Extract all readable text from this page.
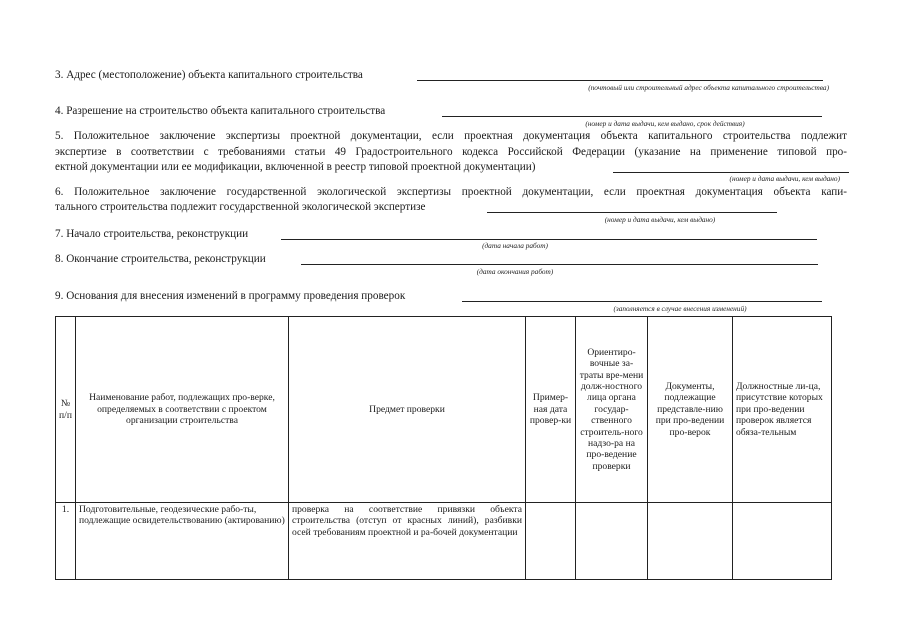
3. Адрес (местоположение) объекта капитального строительства
(почтовый или строительный адрес объекта капитального строительства)
4. Разрешение на строительство объекта капитального строительства
(номер и дата выдачи, кем выдано, срок действия)
5. Положительное заключение экспертизы проектной документации, если проектная документация объекта капитального строительства подлежит
экспертизе в соответствии с требованиями статьи 49 Градостроительного кодекса Российской Федерации (указание на применение типовой про-
ектной документации или ее модификации, включенной в реестр типовой проектной документации)
(номер и дата выдачи, кем выдано)
6. Положительное заключение государственной экологической экспертизы проектной документации, если проектная документация объекта капи-
тального строительства подлежит государственной экологической экспертизе
(номер и дата выдачи, кем выдано)
7. Начало строительства, реконструкции
(дата начала работ)
8. Окончание строительства, реконструкции
(дата окончания работ)
9. Основания для внесения изменений в программу проведения проверок
(заполняется в случае внесения изменений)
№ п/п	Наименование работ, подлежащих про-верке, определяемых в соответствии с проектом организации строительства	Предмет проверки	Пример-ная дата провер-ки	Ориентиро-вочные за-траты вре-мени долж-ностного лица органа государ-ственного строитель-ного надзо-ра на про-ведение проверки	Документы, подлежащие представле-нию при про-ведении про-верок	Должностные ли-ца, присутствие которых при про-ведении проверок является обяза-тельным
1.	Подготовительные, геодезические рабо-ты, подлежащие освидетельствованию (актированию)	проверка на соответствие привязки объекта строительства (отступ от красных линий), разбивки осей требованиям проектной и ра-бочей документации				
